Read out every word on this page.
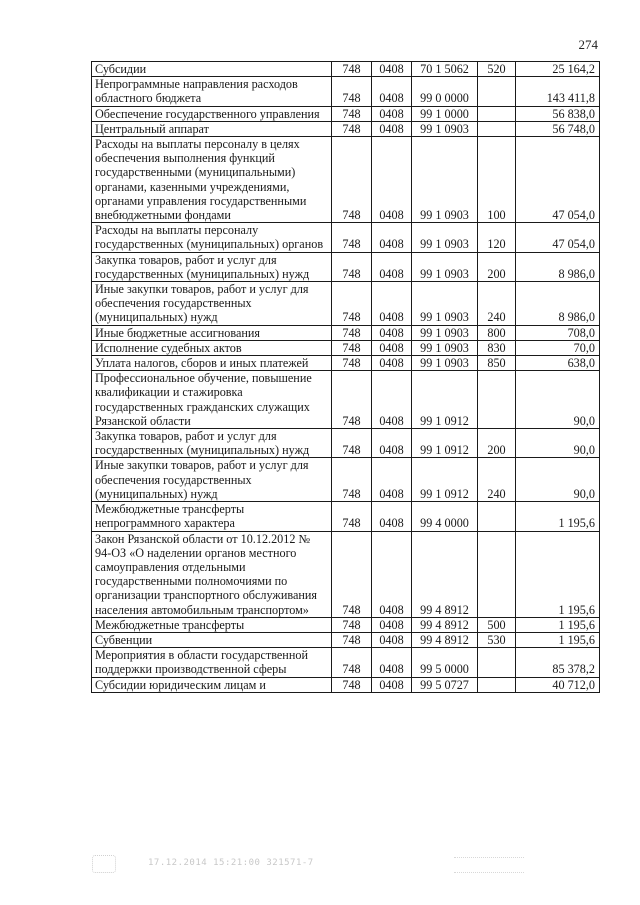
274
Субсидии	748	0408	70 1 5062	520	25 164,2
Непрограммные направления расходов областного бюджета	748	0408	99 0 0000		143 411,8
Обеспечение государственного управления	748	0408	99 1 0000		56 838,0
Центральный аппарат	748	0408	99 1 0903		56 748,0
Расходы на выплаты персоналу в целях обеспечения выполнения функций государственными (муниципальными) органами, казенными учреждениями, органами управления государственными внебюджетными фондами	748	0408	99 1 0903	100	47 054,0
Расходы на выплаты персоналу государственных (муниципальных) органов	748	0408	99 1 0903	120	47 054,0
Закупка товаров, работ и услуг для государственных (муниципальных) нужд	748	0408	99 1 0903	200	8 986,0
Иные закупки товаров, работ и услуг для обеспечения государственных (муниципальных) нужд	748	0408	99 1 0903	240	8 986,0
Иные бюджетные ассигнования	748	0408	99 1 0903	800	708,0
Исполнение судебных актов	748	0408	99 1 0903	830	70,0
Уплата налогов, сборов и иных платежей	748	0408	99 1 0903	850	638,0
Профессиональное обучение, повышение квалификации и стажировка государственных гражданских служащих Рязанской области	748	0408	99 1 0912		90,0
Закупка товаров, работ и услуг для государственных (муниципальных) нужд	748	0408	99 1 0912	200	90,0
Иные закупки товаров, работ и услуг для обеспечения государственных (муниципальных) нужд	748	0408	99 1 0912	240	90,0
Межбюджетные трансферты непрограммного характера	748	0408	99 4 0000		1 195,6
Закон Рязанской области от 10.12.2012 № 94-ОЗ «О наделении органов местного самоуправления отдельными государственными полномочиями по организации транспортного обслуживания населения автомобильным транспортом»	748	0408	99 4 8912		1 195,6
Межбюджетные трансферты	748	0408	99 4 8912	500	1 195,6
Субвенции	748	0408	99 4 8912	530	1 195,6
Мероприятия в области государственной поддержки производственной сферы	748	0408	99 5 0000		85 378,2
Субсидии юридическим лицам и	748	0408	99 5 0727		40 712,0
17.12.2014 15:21:00 321571-7
